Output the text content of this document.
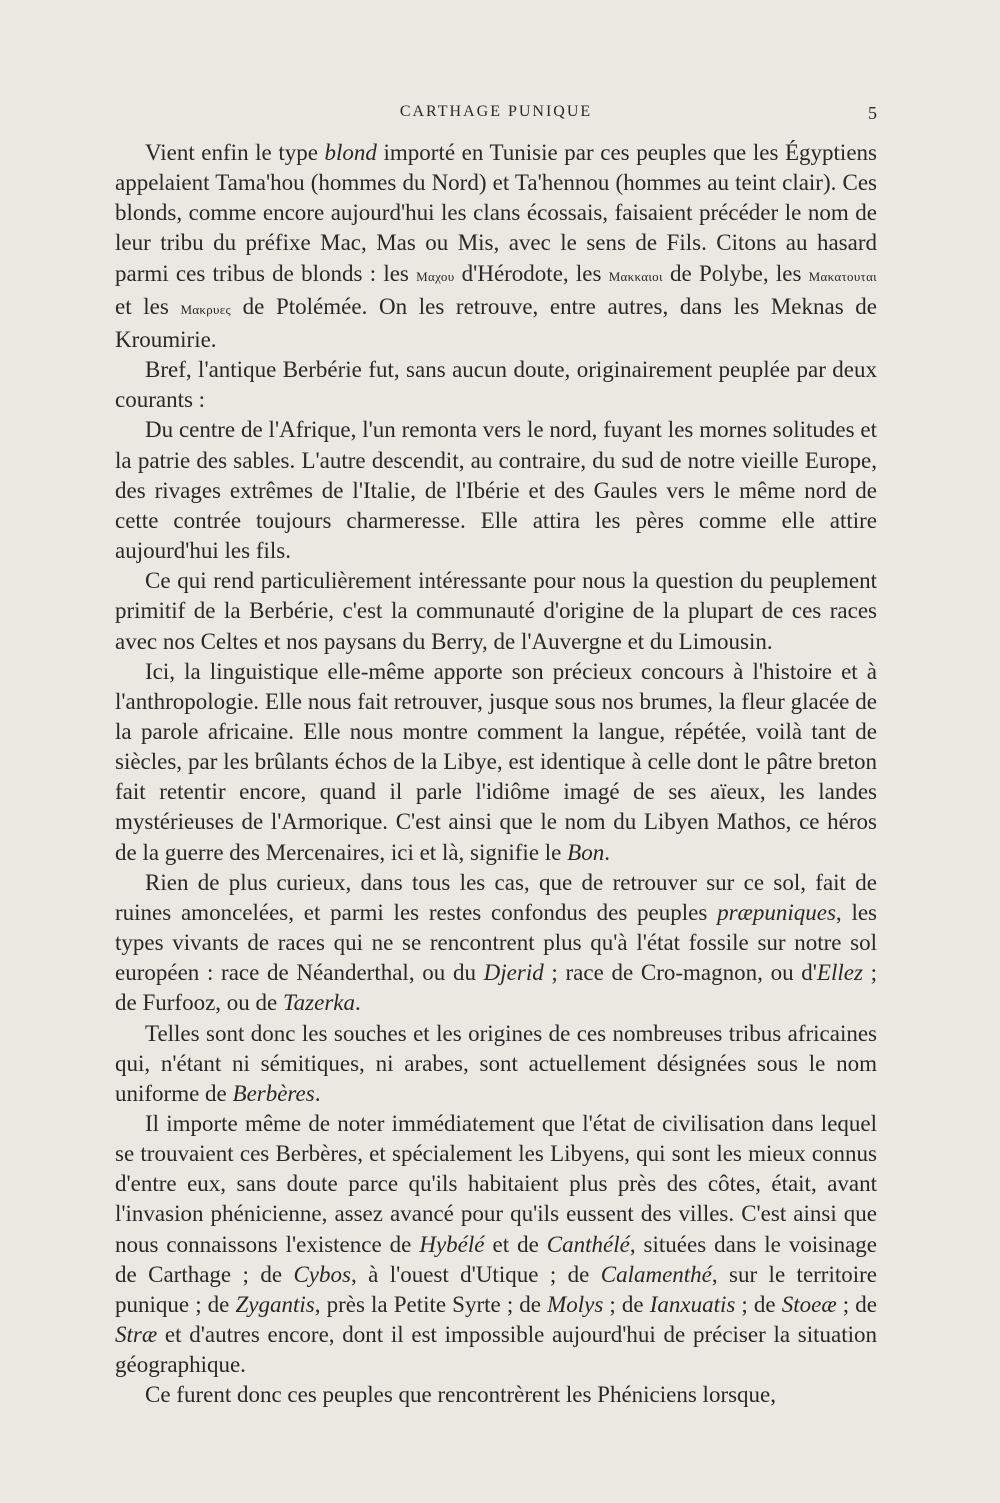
CARTHAGE PUNIQUE	5

Vient enfin le type blond importé en Tunisie par ces peuples que les Égyptiens appelaient Tama'hou (hommes du Nord) et Ta'hennou (hommes au teint clair). Ces blonds, comme encore aujourd'hui les clans écossais, faisaient précéder le nom de leur tribu du préfixe Mac, Mas ou Mis, avec le sens de Fils. Citons au hasard parmi ces tribus de blonds : les Μαχου d'Hérodote, les Μακκαιοι de Polybe, les Μακατουται et les Μακρυες de Ptolémée. On les retrouve, entre autres, dans les Meknas de Kroumirie.

Bref, l'antique Berbérie fut, sans aucun doute, originairement peuplée par deux courants :

Du centre de l'Afrique, l'un remonta vers le nord, fuyant les mornes solitudes et la patrie des sables. L'autre descendit, au contraire, du sud de notre vieille Europe, des rivages extrêmes de l'Italie, de l'Ibérie et des Gaules vers le même nord de cette contrée toujours charmeresse. Elle attira les pères comme elle attire aujourd'hui les fils.

Ce qui rend particulièrement intéressante pour nous la question du peuplement primitif de la Berbérie, c'est la communauté d'origine de la plupart de ces races avec nos Celtes et nos paysans du Berry, de l'Auvergne et du Limousin.

Ici, la linguistique elle-même apporte son précieux concours à l'histoire et à l'anthropologie. Elle nous fait retrouver, jusque sous nos brumes, la fleur glacée de la parole africaine. Elle nous montre comment la langue, répétée, voilà tant de siècles, par les brûlants échos de la Libye, est identique à celle dont le pâtre breton fait retentir encore, quand il parle l'idiôme imagé de ses aïeux, les landes mystérieuses de l'Armorique. C'est ainsi que le nom du Libyen Mathos, ce héros de la guerre des Mercenaires, ici et là, signifie le Bon.

Rien de plus curieux, dans tous les cas, que de retrouver sur ce sol, fait de ruines amoncelées, et parmi les restes confondus des peuples præpuniques, les types vivants de races qui ne se rencontrent plus qu'à l'état fossile sur notre sol européen : race de Néanderthal, ou du Djerid ; race de Cro-magnon, ou d'Ellez ; de Furfooz, ou de Tazerka.

Telles sont donc les souches et les origines de ces nombreuses tribus africaines qui, n'étant ni sémitiques, ni arabes, sont actuellement désignées sous le nom uniforme de Berbères.

Il importe même de noter immédiatement que l'état de civilisation dans lequel se trouvaient ces Berbères, et spécialement les Libyens, qui sont les mieux connus d'entre eux, sans doute parce qu'ils habitaient plus près des côtes, était, avant l'invasion phénicienne, assez avancé pour qu'ils eussent des villes. C'est ainsi que nous connaissons l'existence de Hybélé et de Canthélé, situées dans le voisinage de Carthage ; de Cybos, à l'ouest d'Utique ; de Calamenthé, sur le territoire punique ; de Zygantis, près la Petite Syrte ; de Molys ; de Ianxuatis ; de Stoeæ ; de Stræ et d'autres encore, dont il est impossible aujourd'hui de préciser la situation géographique.

Ce furent donc ces peuples que rencontrèrent les Phéniciens lorsque,
